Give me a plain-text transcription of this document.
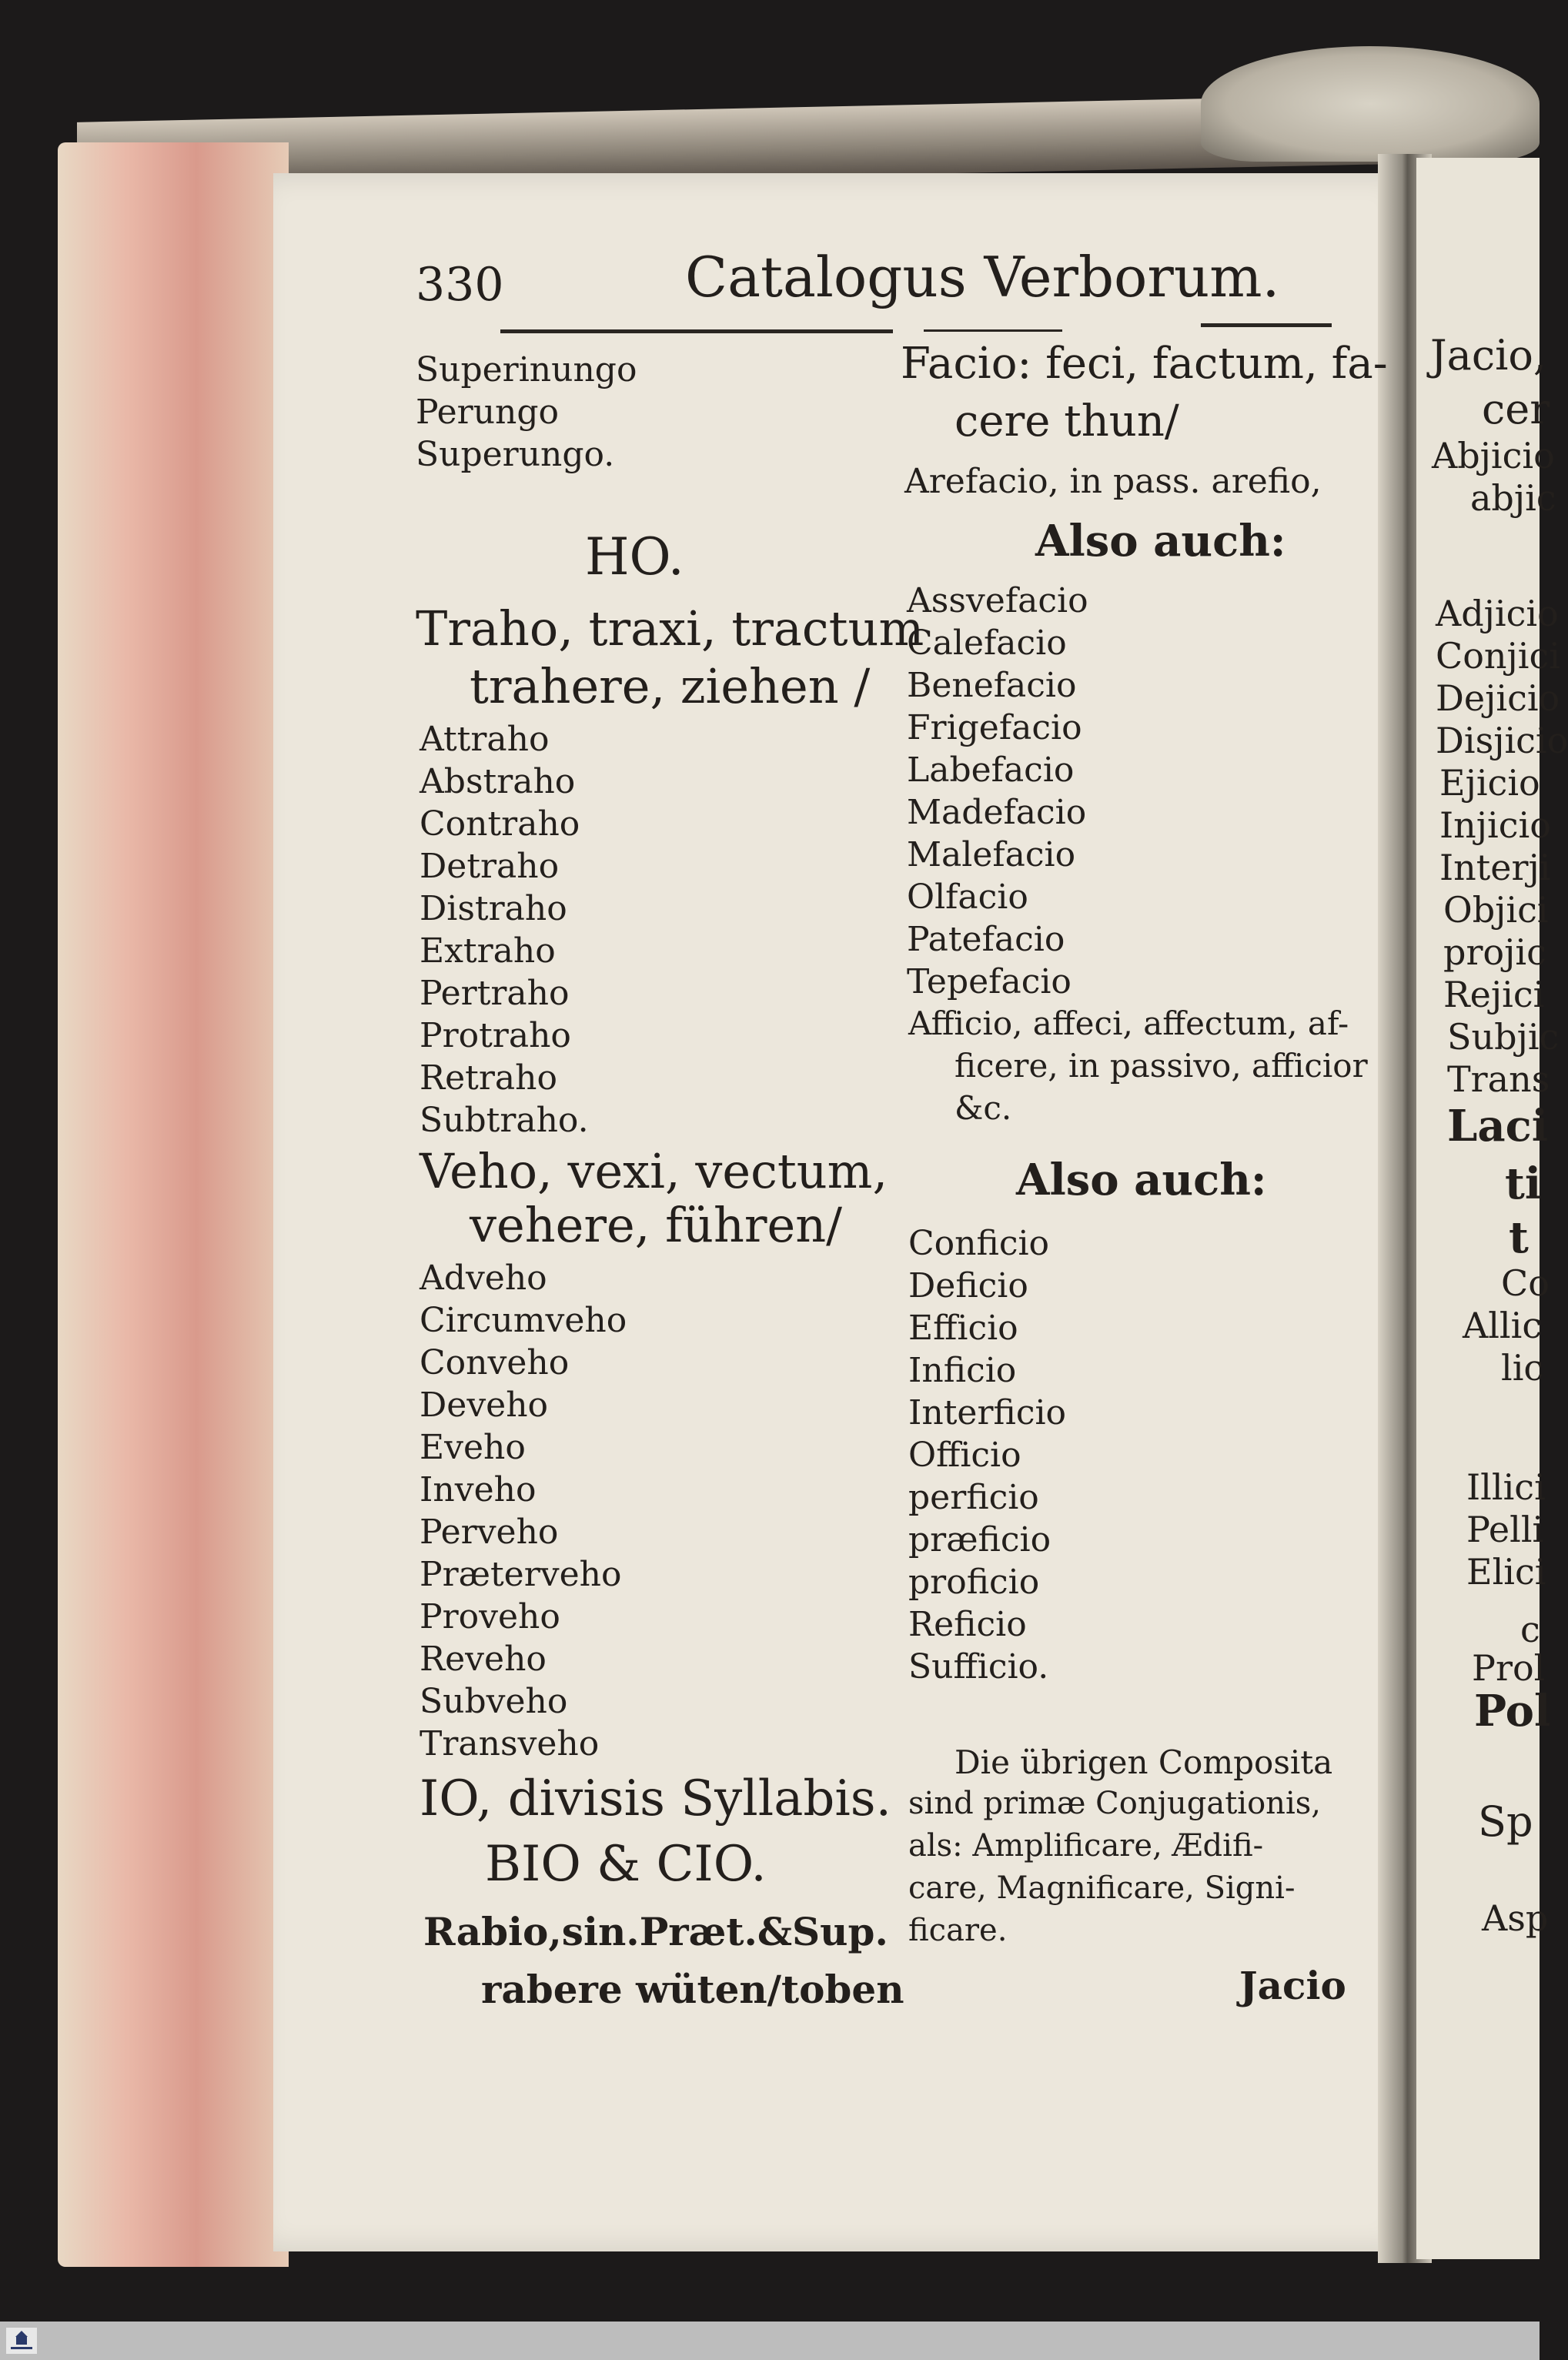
330	Catalogus Verborum.
Superinungo
Perungo
Superungo.
HO.
Traho, traxi, tractum
trahere, ziehen /
Attraho
Abstraho
Contraho
Detraho
Distraho
Extraho
Pertraho
Protraho
Retraho
Subtraho.
Veho, vexi, vectum,
vehere, führen/
Adveho
Circumveho
Conveho
Deveho
Eveho
Inveho
Perveho
Præterveho
Proveho
Reveho
Subveho
Transveho
IO, divisis Syllabis.
BIO & CIO.
Rabio,sin.Præt.&Sup.
rabere wüten/toben
Facio: feci, factum, fa-
cere thun/
Arefacio, in pass. arefio,
Also auch:
Assvefacio
Calefacio
Benefacio
Frigefacio
Labefacio
Madefacio
Malefacio
Olfacio
Patefacio
Tepefacio
Afficio, affeci, affectum, af-
ficere, in passivo, afficior
&c.
Also auch:
Conficio
Deficio
Efficio
Inficio
Interficio
Officio
perficio
præficio
proficio
Reficio
Sufficio.
Die übrigen Composita
sind primæ Conjugationis,
als: Amplificare, Ædifi-
care, Magnificare, Signi-
ficare.
Jacio
Jacio,
cer
Abjicio
abjic
Adjicio
Conjici
Dejicio
Disjicio
Ejicio
Injicio
Interji
Objici
projic
Rejici
Subjic
Trans
Laci
ti
t
Co
Allic
lic
Illici
Pelli
Elici
c
Prol
Pol
Sp
Asp
